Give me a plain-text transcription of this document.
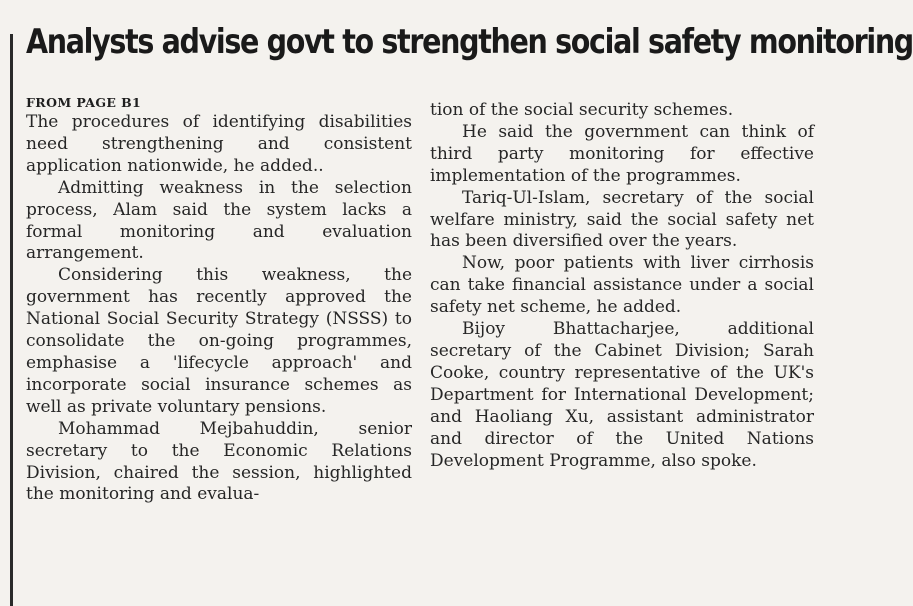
Analysts advise govt to strengthen social safety monitoring
FROM PAGE B1

The procedures of identifying disabilities need strengthening and consistent application nationwide, he added..

Admitting weakness in the selection process, Alam said the system lacks a formal monitoring and evaluation arrangement.

Considering this weakness, the government has recently approved the National Social Security Strategy (NSSS) to consolidate the on-going programmes, emphasise a 'lifecycle approach' and incorporate social insurance schemes as well as private voluntary pensions.

Mohammad Mejbahuddin, senior secretary to the Economic Relations Division, chaired the session, highlighted the monitoring and evalua-

tion of the social security schemes.

He said the government can think of third party monitoring for effective implementation of the programmes.

Tariq-Ul-Islam, secretary of the social welfare ministry, said the social safety net has been diversified over the years.

Now, poor patients with liver cirrhosis can take financial assistance under a social safety net scheme, he added.

Bijoy Bhattacharjee, additional secretary of the Cabinet Division; Sarah Cooke, country representative of the UK's Department for International Development; and Haoliang Xu, assistant administrator and director of the United Nations Development Programme, also spoke.
